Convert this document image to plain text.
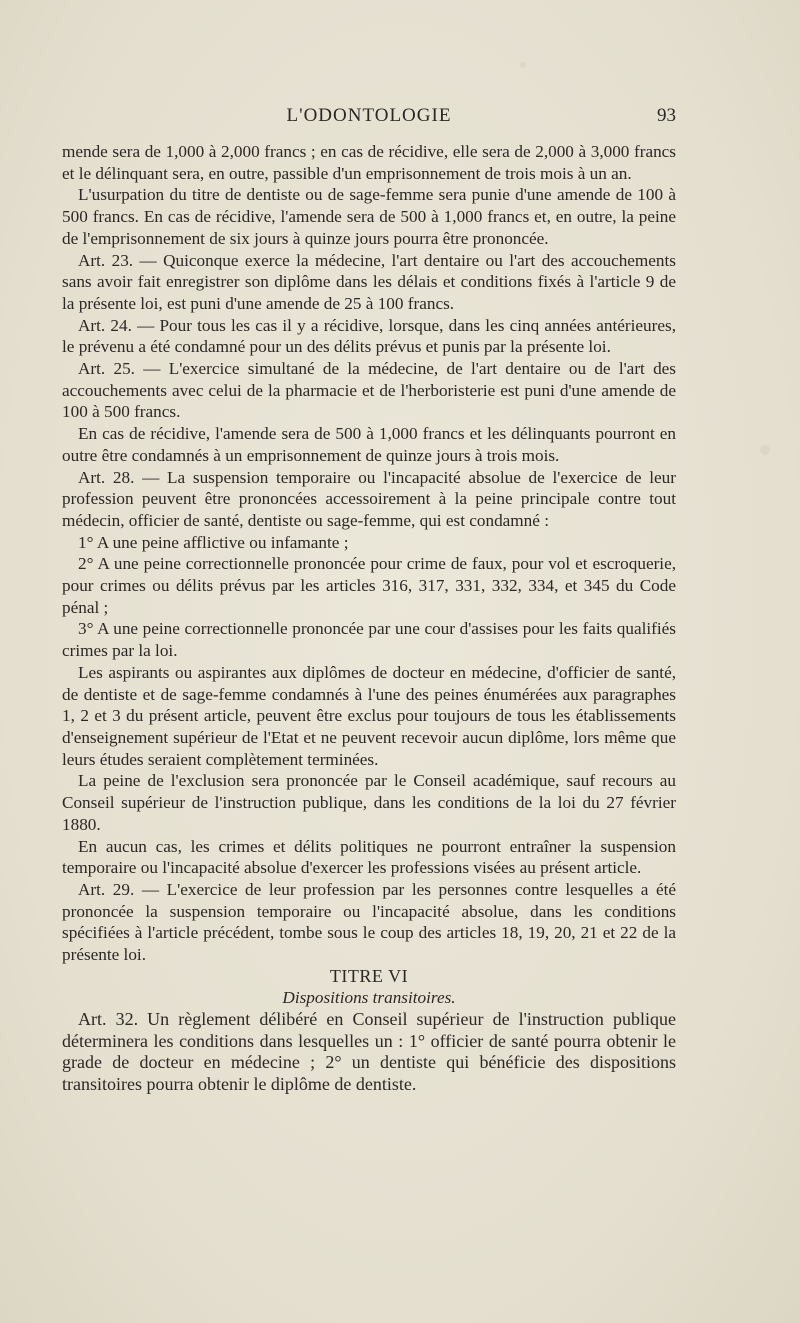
L'ODONTOLOGIE	93

mende sera de 1,000 à 2,000 francs ; en cas de récidive, elle sera de 2,000 à 3,000 francs et le délinquant sera, en outre, passible d'un emprisonnement de trois mois à un an.

L'usurpation du titre de dentiste ou de sage-femme sera punie d'une amende de 100 à 500 francs. En cas de récidive, l'amende sera de 500 à 1,000 francs et, en outre, la peine de l'emprisonnement de six jours à quinze jours pourra être prononcée.

Art. 23. — Quiconque exerce la médecine, l'art dentaire ou l'art des accouchements sans avoir fait enregistrer son diplôme dans les délais et conditions fixés à l'article 9 de la présente loi, est puni d'une amende de 25 à 100 francs.

Art. 24. — Pour tous les cas il y a récidive, lorsque, dans les cinq années antérieures, le prévenu a été condamné pour un des délits prévus et punis par la présente loi.

Art. 25. — L'exercice simultané de la médecine, de l'art dentaire ou de l'art des accouchements avec celui de la pharmacie et de l'herboristerie est puni d'une amende de 100 à 500 francs.

En cas de récidive, l'amende sera de 500 à 1,000 francs et les délinquants pourront en outre être condamnés à un emprisonnement de quinze jours à trois mois.

Art. 28. — La suspension temporaire ou l'incapacité absolue de l'exercice de leur profession peuvent être prononcées accessoirement à la peine principale contre tout médecin, officier de santé, dentiste ou sage-femme, qui est condamné :

1° A une peine afflictive ou infamante ;

2° A une peine correctionnelle prononcée pour crime de faux, pour vol et escroquerie, pour crimes ou délits prévus par les articles 316, 317, 331, 332, 334, et 345 du Code pénal ;

3° A une peine correctionnelle prononcée par une cour d'assises pour les faits qualifiés crimes par la loi.

Les aspirants ou aspirantes aux diplômes de docteur en médecine, d'officier de santé, de dentiste et de sage-femme condamnés à l'une des peines énumérées aux paragraphes 1, 2 et 3 du présent article, peuvent être exclus pour toujours de tous les établissements d'enseignement supérieur de l'Etat et ne peuvent recevoir aucun diplôme, lors même que leurs études seraient complètement terminées.

La peine de l'exclusion sera prononcée par le Conseil académique, sauf recours au Conseil supérieur de l'instruction publique, dans les conditions de la loi du 27 février 1880.

En aucun cas, les crimes et délits politiques ne pourront entraîner la suspension temporaire ou l'incapacité absolue d'exercer les professions visées au présent article.

Art. 29. — L'exercice de leur profession par les personnes contre lesquelles a été prononcée la suspension temporaire ou l'incapacité absolue, dans les conditions spécifiées à l'article précédent, tombe sous le coup des articles 18, 19, 20, 21 et 22 de la présente loi.

TITRE VI

Dispositions transitoires.

Art. 32. Un règlement délibéré en Conseil supérieur de l'instruction publique déterminera les conditions dans lesquelles un : 1° officier de santé pourra obtenir le grade de docteur en médecine ; 2° un dentiste qui bénéficie des dispositions transitoires pourra obtenir le diplôme de dentiste.
